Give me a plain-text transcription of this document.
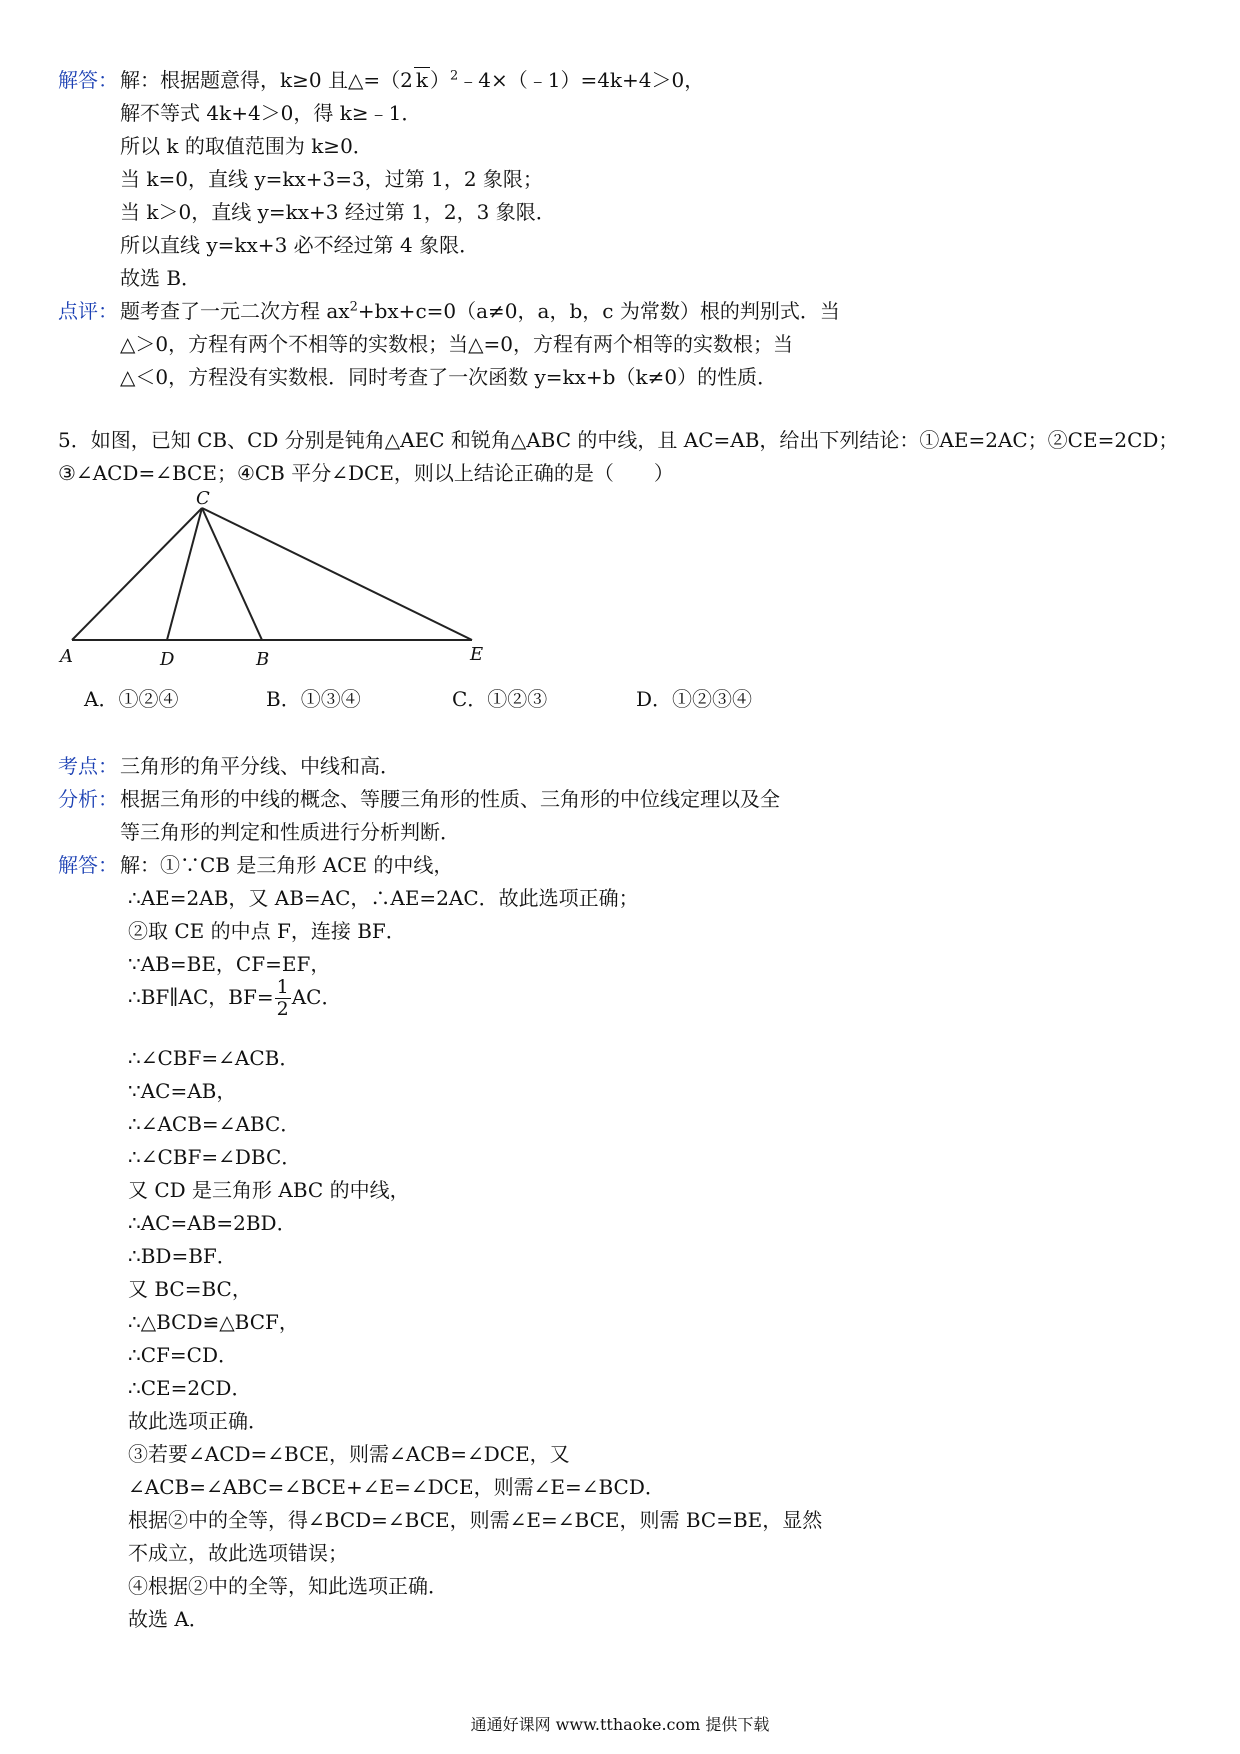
解答： 解：根据题意得，k≥0 且△=（2 k ）$^2$﹣4×（﹣1）=4k+4＞0，
解不等式 4k+4＞0，得 k≥﹣1．
所以 k 的取值范围为 k≥0．
当 k=0，直线 y=kx+3=3，过第 1，2 象限；
当 k＞0，直线 y=kx+3 经过第 1，2，3 象限．
所以直线 y=kx+3 必不经过第 4 象限．
故选 B．
点评： 题考查了一元二次方程 $ax^2+bx+c=0(a\ne 0$，a，b，c 为常数）根的判别式．当
△＞0，方程有两个不相等的实数根；当△=0，方程有两个相等的实数根；当
△＜0，方程没有实数根．同时考查了一次函数 y=kx+b（k≠0）的性质．
5．如图，已知 CB、CD 分别是钝角△AEC 和锐角△ABC 的中线，且 AC=AB，给出下列结论：①AE=2AC；②CE=2CD；
③∠ACD=∠BCE；④CB 平分∠DCE，则以上结论正确的是（　　）
C
A	D	B	E
A．①②④	B．①③④	C．①②③	D．①②③④
考点： 三角形的角平分线、中线和高．
分析： 根据三角形的中线的概念、等腰三角形的性质、三角形的中位线定理以及全
等三角形的判定和性质进行分析判断．
解答： 解：①∵CB 是三角形 ACE 的中线，
∴AE=2AB，又 AB=AC，∴AE=2AC．故此选项正确；
②取 CE 的中点 F，连接 BF．
∵AB=BE，CF=EF，
∴BF∥AC，$BF= \frac{1}{2}$ AC．
∴∠CBF=∠ACB．
∵AC=AB，
∴∠ACB=∠ABC．
∴∠CBF=∠DBC．
又 CD 是三角形 ABC 的中线，
∴AC=AB=2BD．
∴BD=BF．
又 BC=BC，
∴△BCD≌△BCF，
∴CF=CD．
∴CE=2CD．
故此选项正确．
③若要∠ACD=∠BCE，则需∠ACB=∠DCE，又
∠ACB=∠ABC=∠BCE+∠E=∠DCE，则需∠E=∠BCD．
根据②中的全等，得∠BCD=∠BCE，则需∠E=∠BCE，则需 BC=BE，显然
不成立，故此选项错误；
④根据②中的全等，知此选项正确．
故选 A．
通通好课网 www.tthaoke.com 提供下载
